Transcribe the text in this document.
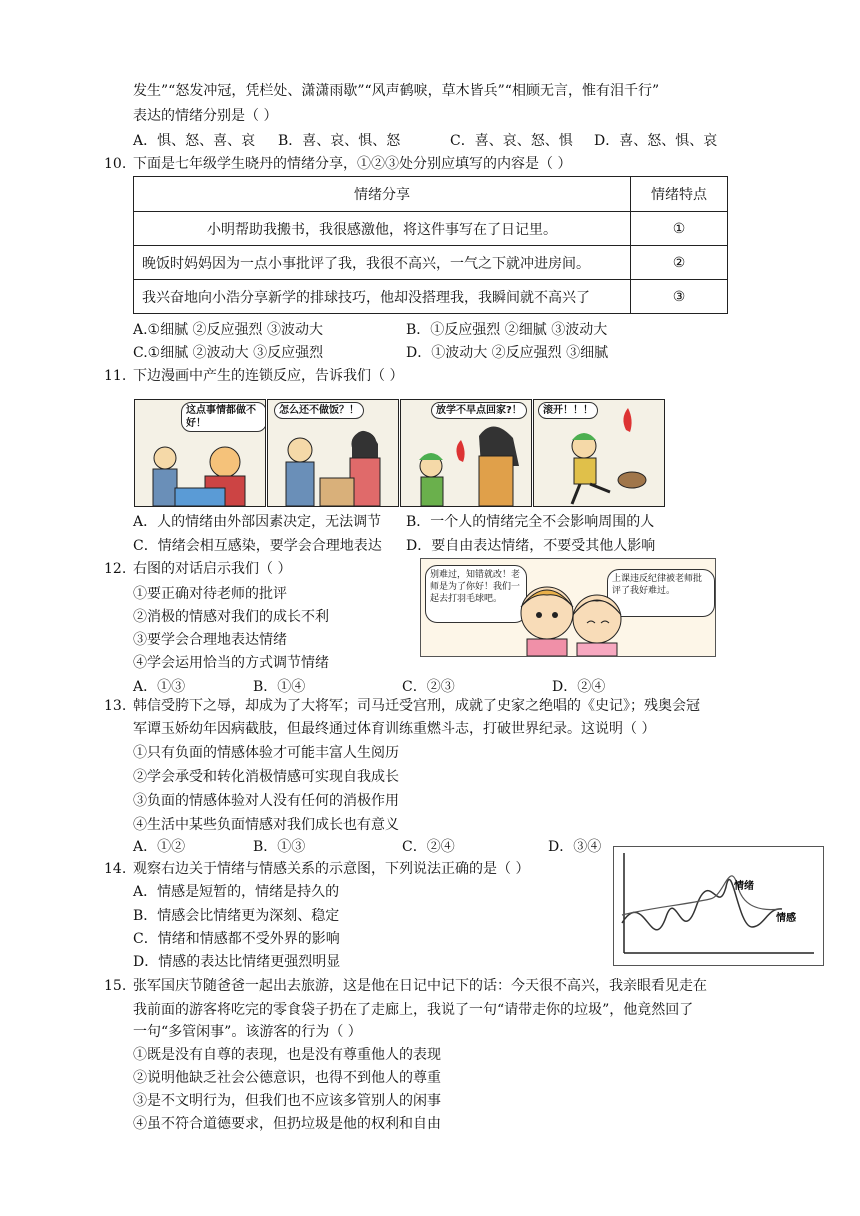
发生”“怒发冲冠，凭栏处、潇潇雨歇”“风声鹤唳，草木皆兵”“相顾无言，惟有泪千行”
表达的情绪分别是（ ）
A．惧、怒、喜、哀 B．喜、哀、惧、怒	C．喜、哀、怒、惧 D．喜、怒、惧、哀
10. 下面是七年级学生晓丹的情绪分享，①②③处分别应填写的内容是（ ）
情绪分享	情绪特点
小明帮助我搬书，我很感激他，将这件事写在了日记里。	①
晚饭时妈妈因为一点小事批评了我，我很不高兴，一气之下就冲进房间。	②
我兴奋地向小浩分享新学的排球技巧，他却没搭理我，我瞬间就不高兴了	③
A.①细腻 ②反应强烈 ③波动大	B．①反应强烈 ②细腻 ③波动大
C.①细腻 ②波动大 ③反应强烈	D．①波动大 ②反应强烈 ③细腻
11. 下边漫画中产生的连锁反应，告诉我们（ ）
这点事情都做不好！
怎么还不做饭？！	放学不早点回家?！	滚开！！！
A．人的情绪由外部因素决定，无法调节 B．一个人的情绪完全不会影响周围的人
C．情绪会相互感染，要学会合理地表达 D．要自由表达情绪，不要受其他人影响
12. 右图的对话启示我们（ ）
①要正确对待老师的批评
②消极的情感对我们的成长不利
③要学会合理地表达情绪
④学会运用恰当的方式调节情绪
A．①③	B．①④	C．②③	D．②④
别难过，知错就改！老师是为了你好！我们一起去打羽毛球吧。
上课违反纪律被老师批评了我好难过。
13. 韩信受胯下之辱，却成为了大将军；司马迁受宫刑，成就了史家之绝唱的《史记》；残奥会冠
军谭玉娇幼年因病截肢，但最终通过体育训练重燃斗志，打破世界纪录。这说明（ ）
①只有负面的情感体验才可能丰富人生阅历
②学会承受和转化消极情感可实现自我成长
③负面的情感体验对人没有任何的消极作用
④生活中某些负面情感对我们成长也有意义
A．①②	B．①③	C．②④	D．③④
14. 观察右边关于情绪与情感关系的示意图，下列说法正确的是（ ）
A．情感是短暂的，情绪是持久的
B．情感会比情绪更为深刻、稳定
C．情绪和情感都不受外界的影响
D．情感的表达比情绪更强烈明显
情绪
情感
15. 张军国庆节随爸爸一起出去旅游，这是他在日记中记下的话：今天很不高兴，我亲眼看见走在
我前面的游客将吃完的零食袋子扔在了走廊上，我说了一句“请带走你的垃圾”，他竟然回了
一句“多管闲事”。该游客的行为（ ）
①既是没有自尊的表现，也是没有尊重他人的表现
②说明他缺乏社会公德意识，也得不到他人的尊重
③是不文明行为，但我们也不应该多管别人的闲事
④虽不符合道德要求，但扔垃圾是他的权利和自由
